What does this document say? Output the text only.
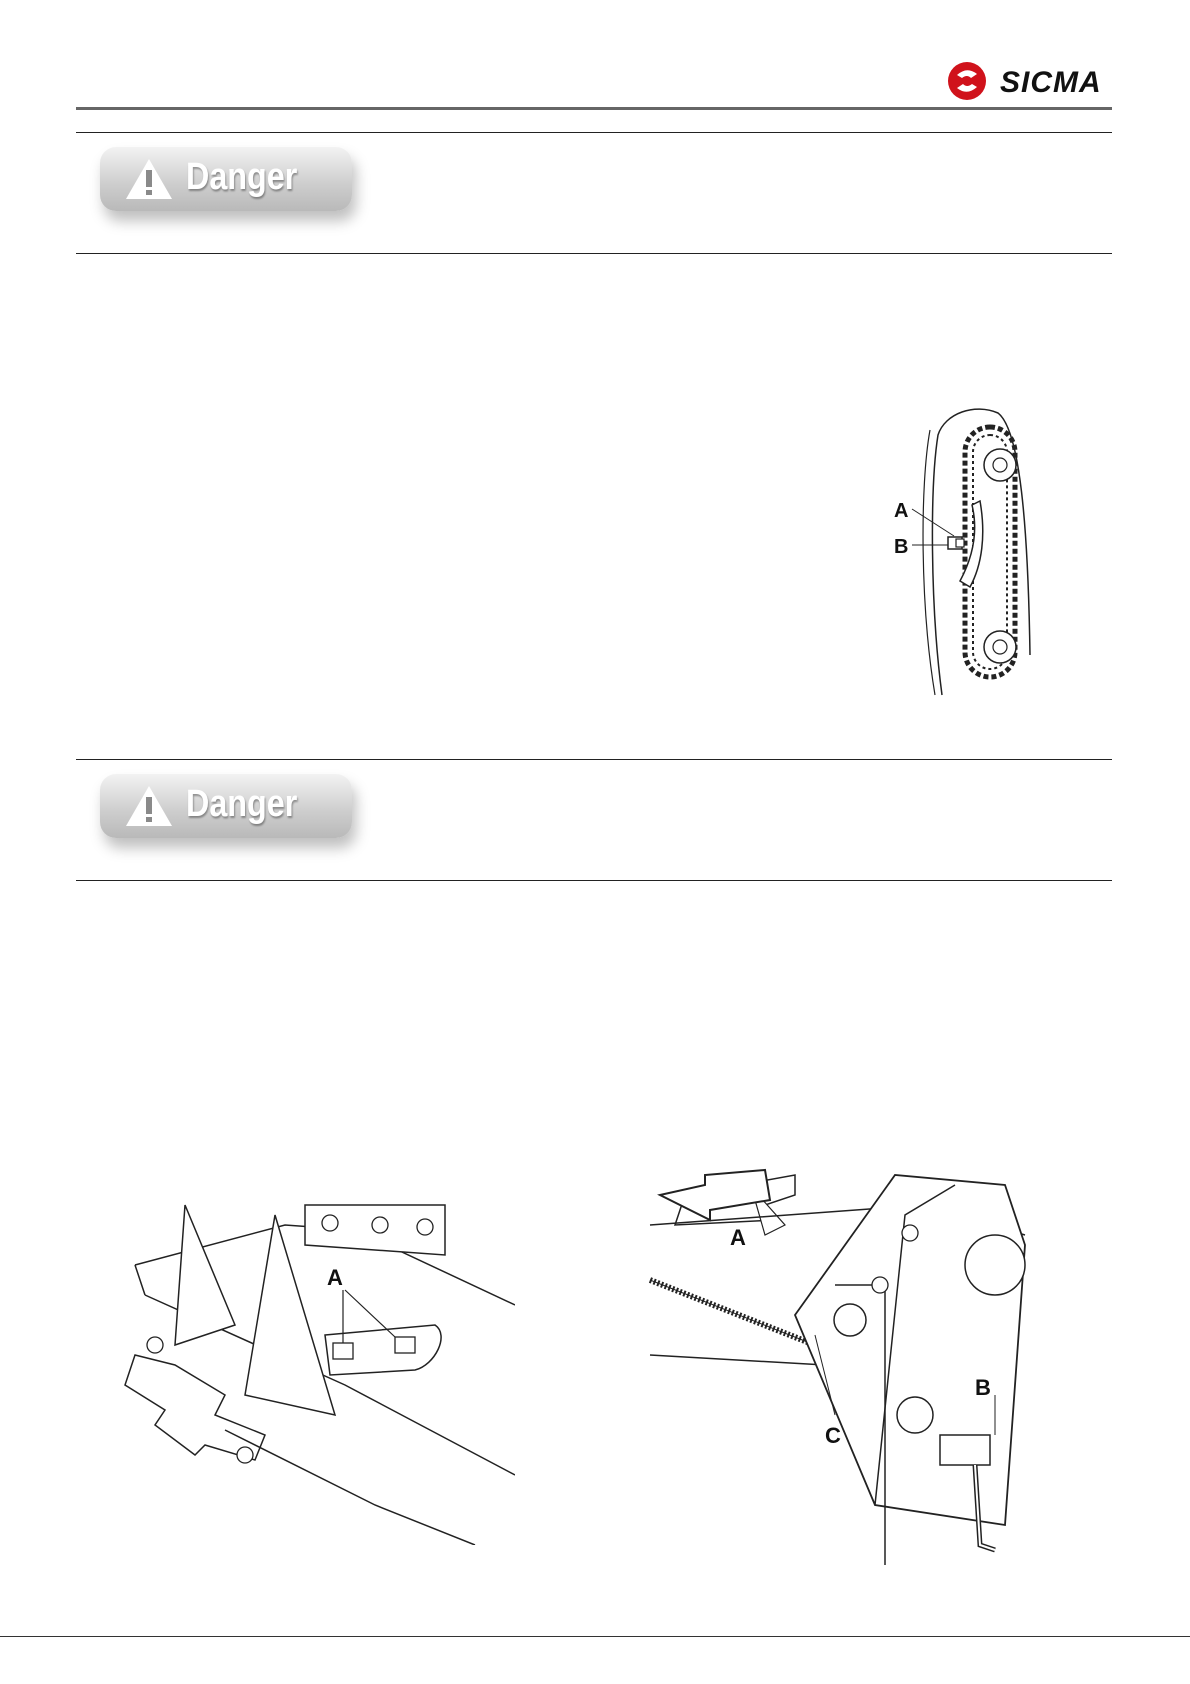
SICMA
Danger
A
B
Danger
A
A
B
C
